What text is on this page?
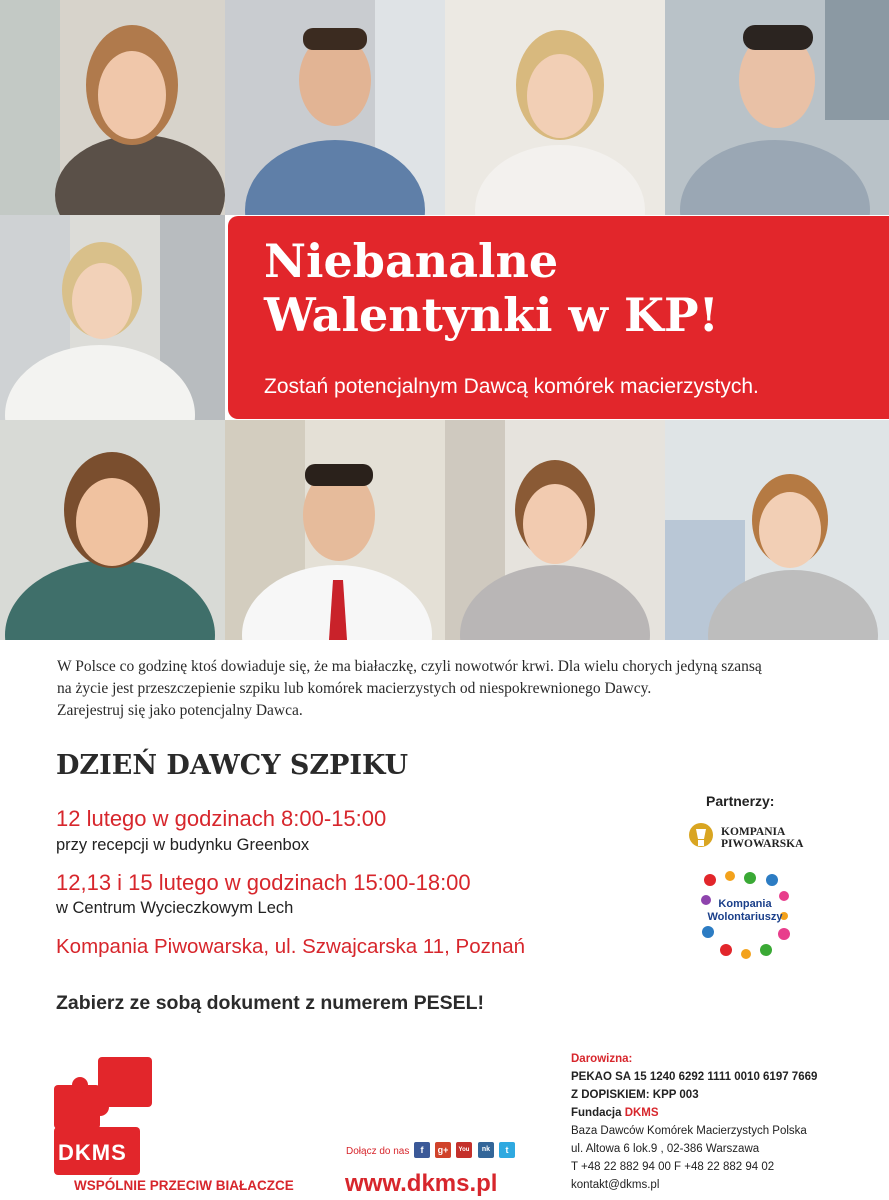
Niebanalne
Walentynki w KP!
Zostań potencjalnym Dawcą komórek macierzystych.

W Polsce co godzinę ktoś dowiaduje się, że ma białaczkę, czyli nowotwór krwi. Dla wielu chorych jedyną szansą

na życie jest przeszczepienie szpiku lub komórek macierzystych od niespokrewnionego Dawcy.

Zarejestruj się jako potencjalny Dawca.

DZIEŃ DAWCY SZPIKU
12 lutego w godzinach 8:00-15:00
przy recepcji w budynku Greenbox
12,13 i 15 lutego w godzinach 15:00-18:00
w Centrum Wycieczkowym Lech
Kompania Piwowarska, ul. Szwajcarska 11, Poznań
Zabierz ze sobą dokument z numerem PESEL!
Partnerzy:
KOMPANIA
PIWOWARSKA
Kompania
Wolontariuszy
DKMS
WSPÓLNIE PRZECIW BIAŁACZCE
Dołącz do nas	f	g+	You Tube
nk	t
www.dkms.pl
Darowizna:
PEKAO SA 15 1240 6292 1111 0010 6197 7669
Z DOPISKIEM: KPP 003
Fundacja DKMS
Baza Dawców Komórek Macierzystych Polska
ul. Altowa 6 lok.9 , 02-386 Warszawa
T +48 22 882 94 00 F +48 22 882 94 02
kontakt@dkms.pl
